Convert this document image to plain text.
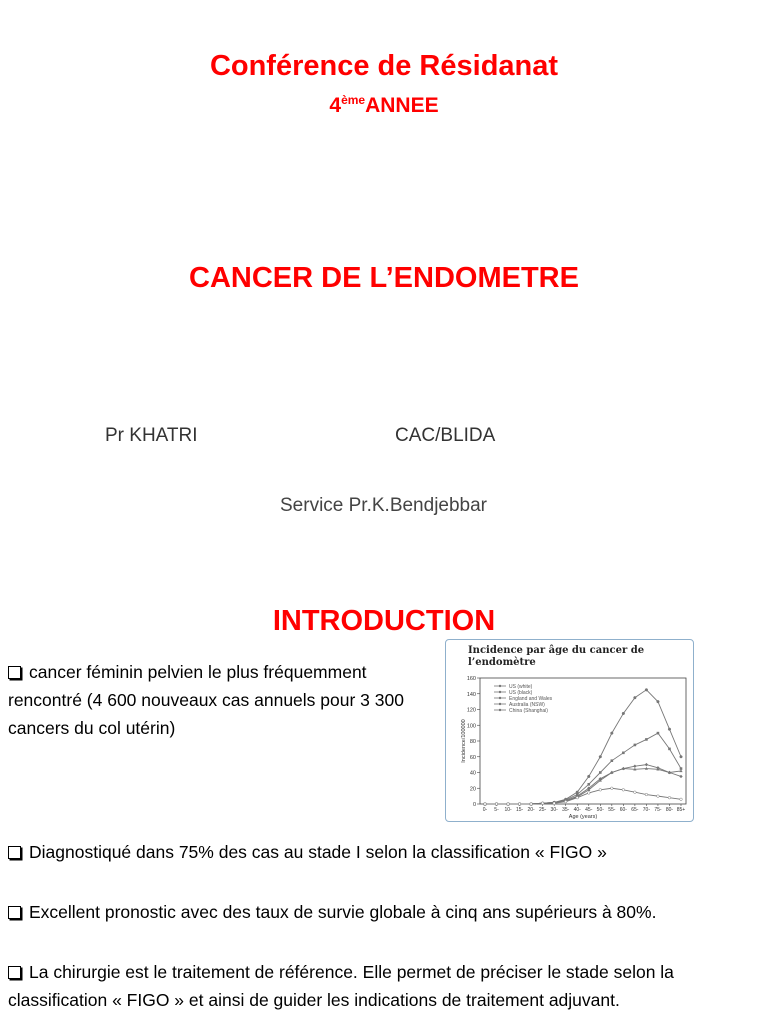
Conférence de Résidanat
4èmeANNEE
CANCER DE L’ENDOMETRE
Pr KHATRI	CAC/BLIDA
Service Pr.K.Bendjebbar
INTRODUCTION
cancer féminin pelvien le plus fréquemment rencontré (4 600 nouveaux cas annuels pour 3 300 cancers du col utérin)
Incidence par âge du cancer de l’endomètre
0
20
40
60
80
100
120
140
160
0- 5- 10- 15- 20- 25- 30- 35- 40- 45- 50- 55- 60- 65- 70- 75- 80- 85+
Age (years)
Incidence/100000
US (white)
US (black)
England and Wales
Australia (NSW)
China (Shanghai)
Diagnostiqué dans 75% des cas au stade I selon la classification « FIGO »
Excellent pronostic avec des taux de survie globale à cinq ans supérieurs à 80%.
La chirurgie est le traitement de référence. Elle permet de préciser le stade selon la classification « FIGO » et ainsi de guider les indications de traitement adjuvant.
